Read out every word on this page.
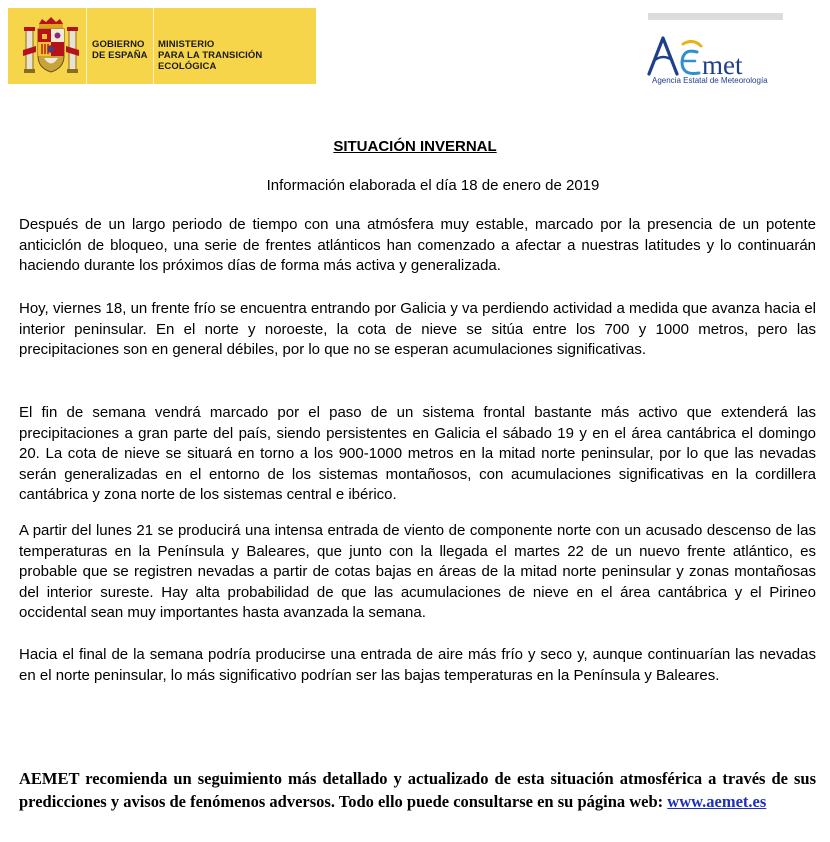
GOBIERNO
DE ESPAÑA
MINISTERIO
PARA LA TRANSICIÓN ECOLÓGICA	met
Agencia Estatal de Meteorología
SITUACIÓN INVERNAL
Información elaborada el día 18 de enero de 2019

Después de un largo periodo de tiempo con una atmósfera muy estable, marcado por la presencia de un potente anticiclón de bloqueo, una serie de frentes atlánticos han comenzado a afectar a nuestras latitudes y lo continuarán haciendo durante los próximos días de forma más activa y generalizada.

Hoy, viernes 18, un frente frío se encuentra entrando por Galicia y va perdiendo actividad a medida que avanza hacia el interior peninsular. En el norte y noroeste, la cota de nieve se sitúa entre los 700 y 1000 metros, pero las precipitaciones son en general débiles, por lo que no se esperan acumulaciones significativas.

El fin de semana vendrá marcado por el paso de un sistema frontal bastante más activo que extenderá las precipitaciones a gran parte del país, siendo persistentes en Galicia el sábado 19 y en el área cantábrica el domingo 20. La cota de nieve se situará en torno a los 900-1000 metros en la mitad norte peninsular, por lo que las nevadas serán generalizadas en el entorno de los sistemas montañosos, con acumulaciones significativas en la cordillera cantábrica y zona norte de los sistemas central e ibérico.

A partir del lunes 21 se producirá una intensa entrada de viento de componente norte con un acusado descenso de las temperaturas en la Península y Baleares, que junto con la llegada el martes 22 de un nuevo frente atlántico, es probable que se registren nevadas a partir de cotas bajas en áreas de la mitad norte peninsular y zonas montañosas del interior sureste. Hay alta probabilidad de que las acumulaciones de nieve en el área cantábrica y el Pirineo occidental sean muy importantes hasta avanzada la semana.

Hacia el final de la semana podría producirse una entrada de aire más frío y seco y, aunque continuarían las nevadas en el norte peninsular, lo más significativo podrían ser las bajas temperaturas en la Península y Baleares.

AEMET recomienda un seguimiento más detallado y actualizado de esta situación atmosférica a través de sus predicciones y avisos de fenómenos adversos. Todo ello puede consultarse en su página web: www.aemet.es
